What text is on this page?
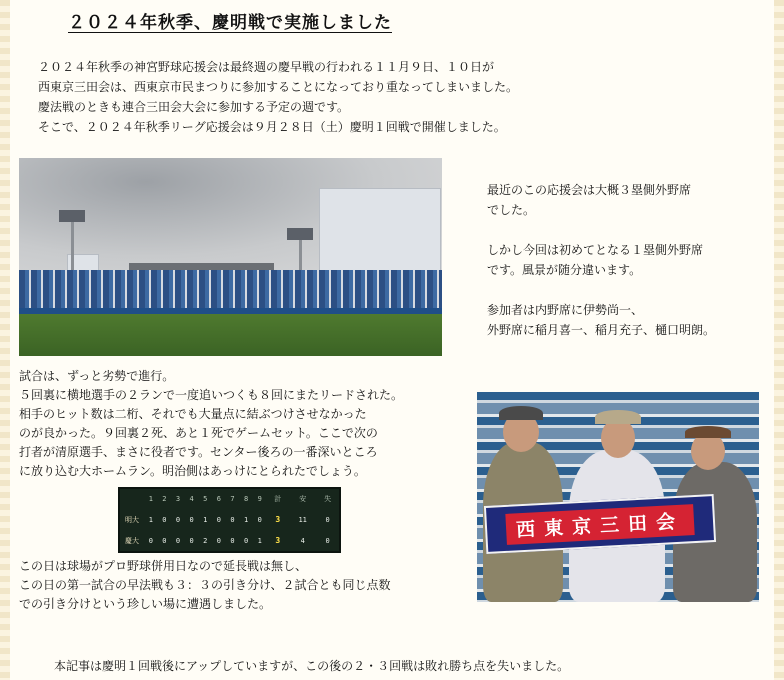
２０２４年秋季、慶明戦で実施しました
２０２４年秋季の神宮野球応援会は最終週の慶早戦の行われる１１月９日、１０日が
西東京三田会は、西東京市民まつりに参加することになっており重なってしまいました。
慶法戦のときも連合三田会大会に参加する予定の週です。
そこで、２０２４年秋季リーグ応援会は９月２８日（土）慶明１回戦で開催しました。
最近のこの応援会は大概３塁側外野席
でした。
しかし今回は初めてとなる１塁側外野席
です。風景が随分違います。
参加者は内野席に伊勢尚一、
外野席に稲月喜一、稲月充子、樋口明朗。
試合は、ずっと劣勢で進行。
５回裏に横地選手の２ランで一度追いつくも８回にまたリードされた。
相手のヒット数は二桁、それでも大量点に結ぶつけさせなかった
のが良かった。９回裏２死、あと１死でゲームセット。ここで次の
打者が清原選手、まさに役者です。センター後ろの一番深いところ
に放り込む大ホームラン。明治側はあっけにとられたでしょう。
	1	2	3	4	5	6	7	8	9	計	安	失
明大	1	0	0	0	1	0	0	1	0	3	11	0
慶大	0	0	0	0	2	0	0	0	1	3	4	0
この日は球場がプロ野球併用日なので延長戦は無し、
この日の第一試合の早法戦も３：３の引き分け、２試合とも同じ点数
での引き分けという珍しい場に遭遇しました。
西東京三田会
本記事は慶明１回戦後にアップしていますが、この後の２・３回戦は敗れ勝ち点を失いました。
